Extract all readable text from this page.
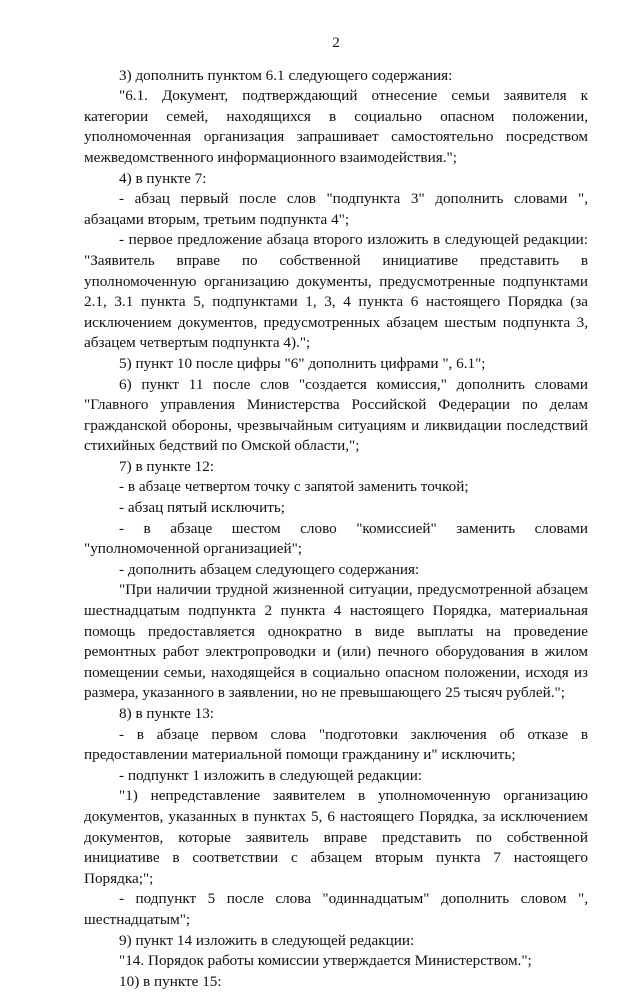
2

3) дополнить пунктом 6.1 следующего содержания:

"6.1. Документ, подтверждающий отнесение семьи заявителя к категории семей, находящихся в социально опасном положении, уполномоченная организация запрашивает самостоятельно посредством межведомственного информационного взаимодействия.";

4) в пункте 7:

- абзац первый после слов "подпункта 3" дополнить словами ", абзацами вторым, третьим подпункта 4";

- первое предложение абзаца второго изложить в следующей редакции: "Заявитель вправе по собственной инициативе представить в уполномоченную организацию документы, предусмотренные подпунктами 2.1, 3.1 пункта 5, подпунктами 1, 3, 4 пункта 6 настоящего Порядка (за исключением документов, предусмотренных абзацем шестым подпункта 3, абзацем четвертым подпункта 4).";

5) пункт 10 после цифры "6" дополнить цифрами ", 6.1";

6) пункт 11 после слов "создается комиссия," дополнить словами "Главного управления Министерства Российской Федерации по делам гражданской обороны, чрезвычайным ситуациям и ликвидации последствий стихийных бедствий по Омской области,";

7) в пункте 12:

- в абзаце четвертом точку с запятой заменить точкой;

- абзац пятый исключить;

- в абзаце шестом слово "комиссией" заменить словами "уполномоченной организацией";

- дополнить абзацем следующего содержания:

"При наличии трудной жизненной ситуации, предусмотренной абзацем шестнадцатым подпункта 2 пункта 4 настоящего Порядка, материальная помощь предоставляется однократно в виде выплаты на проведение ремонтных работ электропроводки и (или) печного оборудования в жилом помещении семьи, находящейся в социально опасном положении, исходя из размера, указанного в заявлении, но не превышающего 25 тысяч рублей.";

8) в пункте 13:

- в абзаце первом слова "подготовки заключения об отказе в предоставлении материальной помощи гражданину и" исключить;

- подпункт 1 изложить в следующей редакции:

"1) непредставление заявителем в уполномоченную организацию документов, указанных в пунктах 5, 6 настоящего Порядка, за исключением документов, которые заявитель вправе представить по собственной инициативе в соответствии с абзацем вторым пункта 7 настоящего Порядка;";

- подпункт 5 после слова "одиннадцатым" дополнить словом ", шестнадцатым";

9) пункт 14 изложить в следующей редакции:

"14. Порядок работы комиссии утверждается Министерством.";

10) в пункте 15:
